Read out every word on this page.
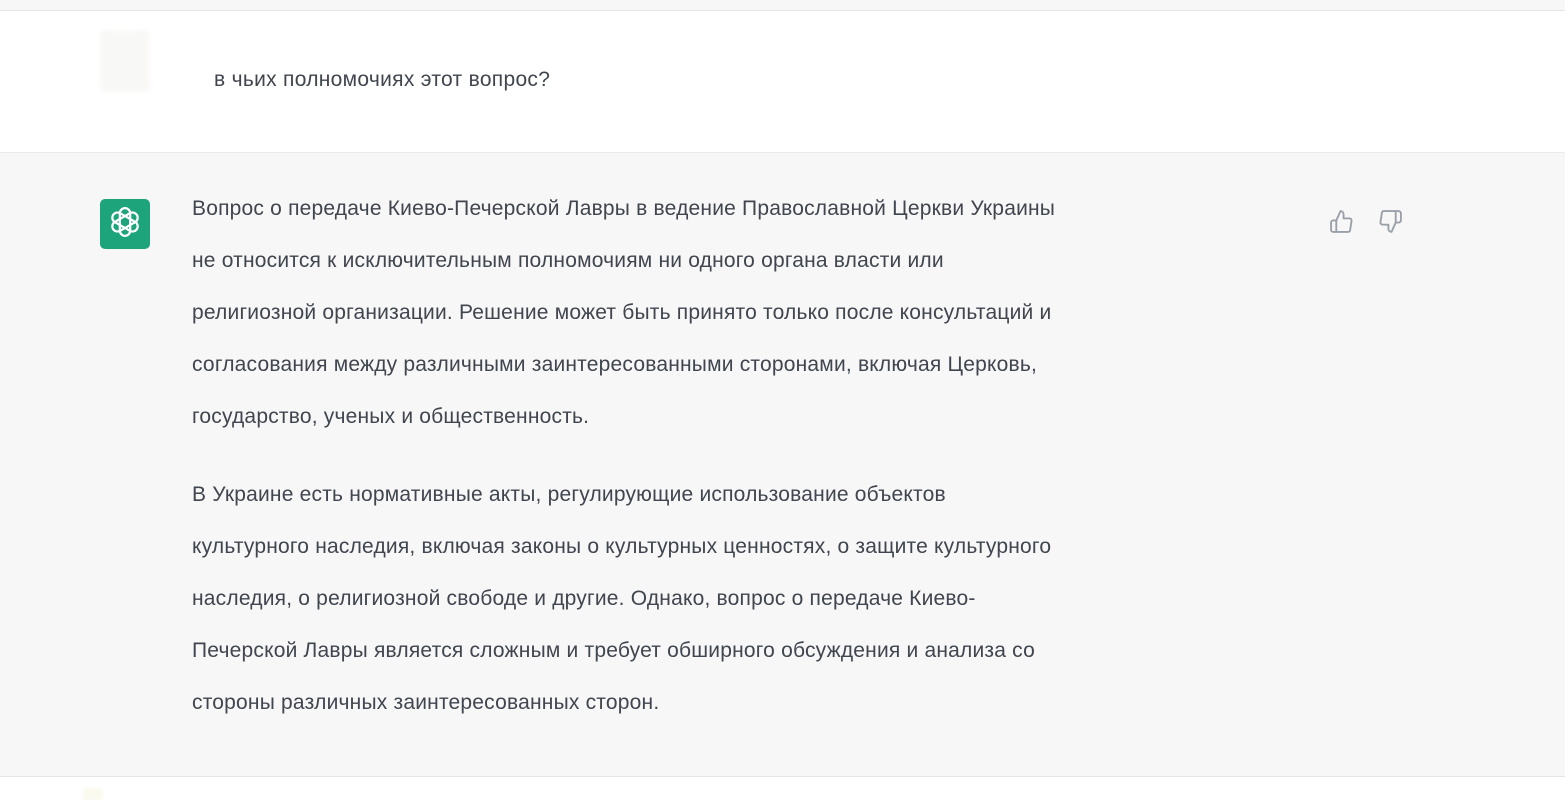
в чьих полномочиях этот вопрос?

Вопрос о передаче Киево-Печерской Лавры в ведение Православной Церкви Украины
не относится к исключительным полномочиям ни одного органа власти или
религиозной организации. Решение может быть принято только после консультаций и
согласования между различными заинтересованными сторонами, включая Церковь,
государство, ученых и общественность.

В Украине есть нормативные акты, регулирующие использование объектов
культурного наследия, включая законы о культурных ценностях, о защите культурного
наследия, о религиозной свободе и другие. Однако, вопрос о передаче Киево-
Печерской Лавры является сложным и требует обширного обсуждения и анализа со
стороны различных заинтересованных сторон.
